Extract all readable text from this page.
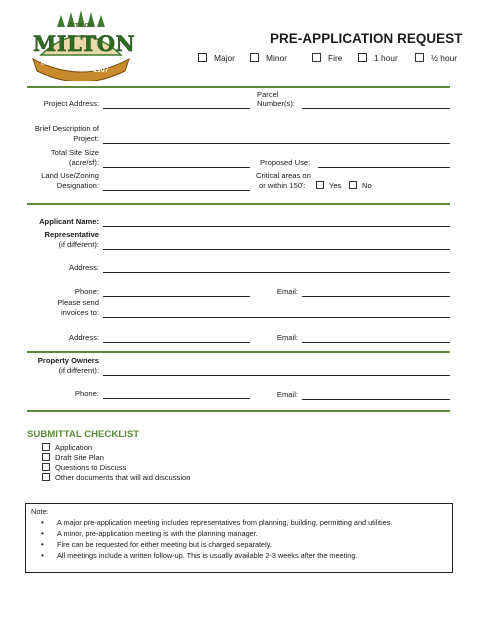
CITY OF
MILTON
INCORPORATED
1907
PRE-APPLICATION REQUEST
Major	Minor	Fire	1 hour	½ hour
Project Address:
Parcel
Number(s):
Brief Description of
Project:
Total Site Size
(acre/sf):	Proposed Use:
Land Use/Zoning
Designation:
Critical areas on
or within 150':	Yes	No
Applicant Name:
Representative
(if different):
Address:
Phone:	Email:
Please send
invoices to:
Address:	Email:
Property Owners
(if different):
Phone:	Email:
SUBMITTAL CHECKLIST
Application
Draft Site Plan
Questions to Discuss
Other documents that will aid discussion
Note:
• A major pre-application meeting includes representatives from planning, building, permitting and utilities.
• A minor, pre-application meeting is with the planning manager.
• Fire can be requested for either meeting but is charged separately.
• All meetings include a written follow-up. This is usually available 2-3 weeks after the meeting.
